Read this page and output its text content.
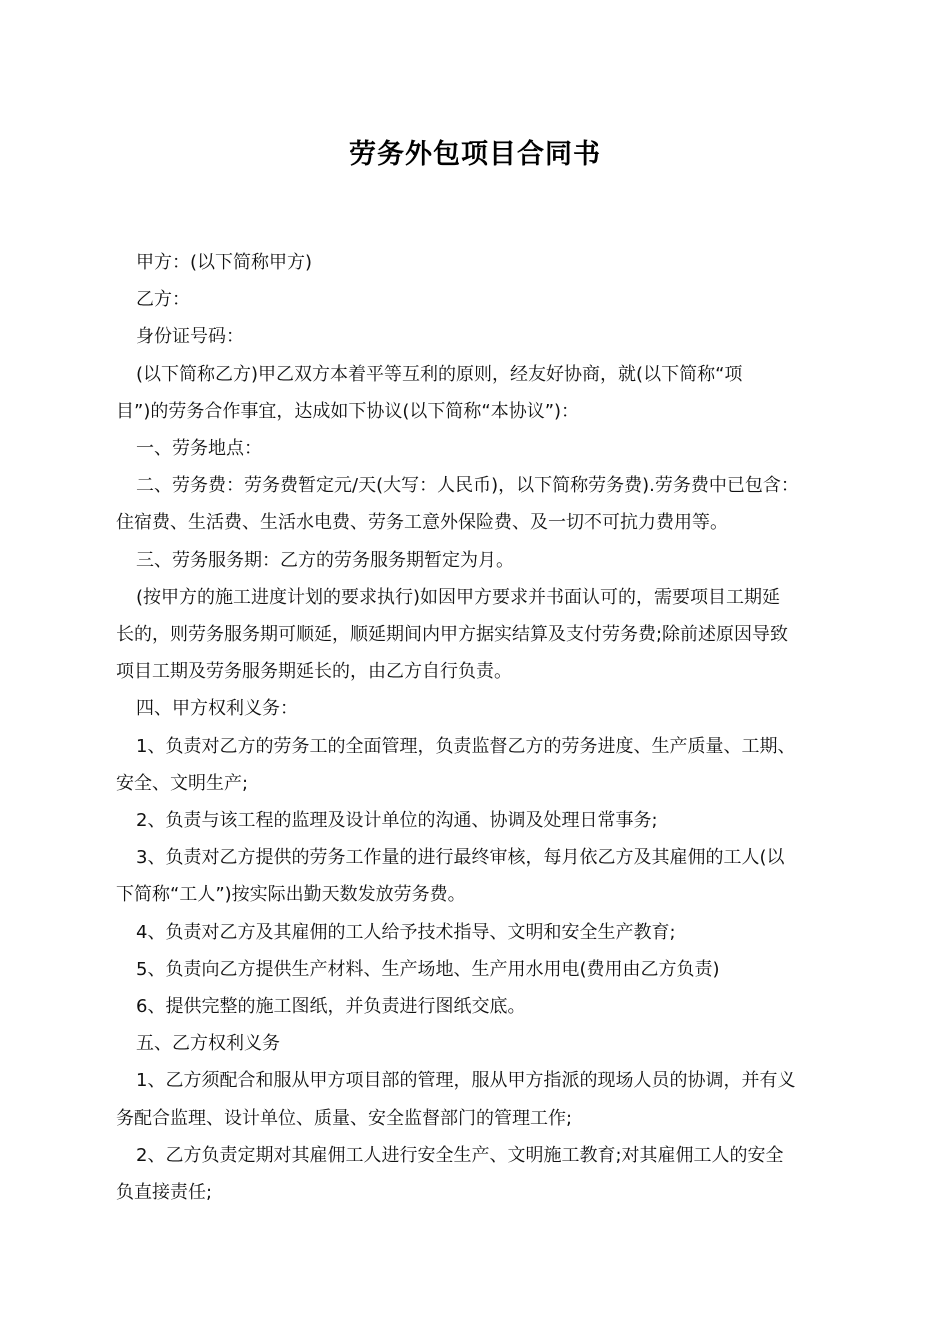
劳务外包项目合同书

甲方：(以下简称甲方)

乙方：

身份证号码：

(以下简称乙方)甲乙双方本着平等互利的原则，经友好协商，就(以下简称“项
目”)的劳务合作事宜，达成如下协议(以下简称“本协议”)：

一、劳务地点：

二、劳务费：劳务费暂定元/天(大写：人民币)，以下简称劳务费).劳务费中已包含：
住宿费、生活费、生活水电费、劳务工意外保险费、及一切不可抗力费用等。

三、劳务服务期：乙方的劳务服务期暂定为月。

(按甲方的施工进度计划的要求执行)如因甲方要求并书面认可的，需要项目工期延
长的，则劳务服务期可顺延，顺延期间内甲方据实结算及支付劳务费;除前述原因导致
项目工期及劳务服务期延长的，由乙方自行负责。

四、甲方权利义务：

1、负责对乙方的劳务工的全面管理，负责监督乙方的劳务进度、生产质量、工期、
安全、文明生产;

2、负责与该工程的监理及设计单位的沟通、协调及处理日常事务;

3、负责对乙方提供的劳务工作量的进行最终审核，每月依乙方及其雇佣的工人(以
下简称“工人”)按实际出勤天数发放劳务费。

4、负责对乙方及其雇佣的工人给予技术指导、文明和安全生产教育;

5、负责向乙方提供生产材料、生产场地、生产用水用电(费用由乙方负责)

6、提供完整的施工图纸，并负责进行图纸交底。

五、乙方权利义务

1、乙方须配合和服从甲方项目部的管理，服从甲方指派的现场人员的协调，并有义
务配合监理、设计单位、质量、安全监督部门的管理工作;

2、乙方负责定期对其雇佣工人进行安全生产、文明施工教育;对其雇佣工人的安全
负直接责任;
